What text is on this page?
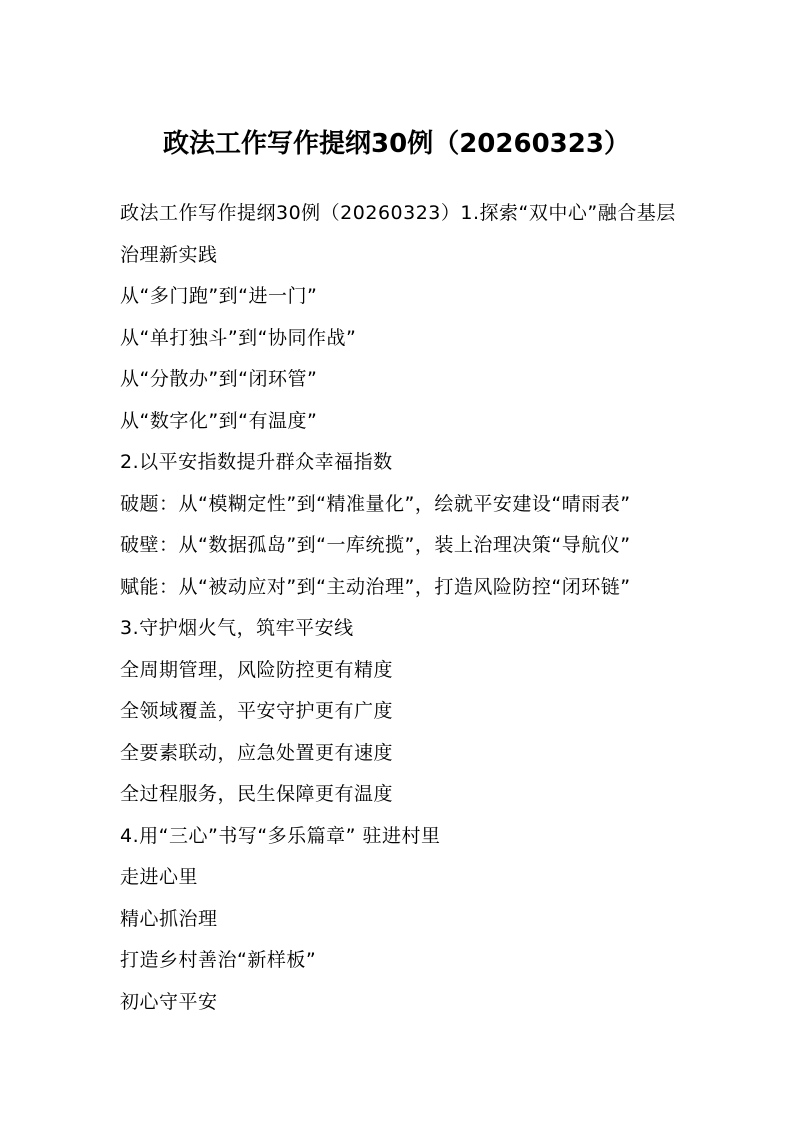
政法工作写作提纲30例（20260323）

政法工作写作提纲30例（20260323）1.探索“双中心”融合基层治理新实践

从“多门跑”到“进一门”

从“单打独斗”到“协同作战”

从“分散办”到“闭环管”

从“数字化”到“有温度”

2.以平安指数提升群众幸福指数

破题：从“模糊定性”到“精准量化”，绘就平安建设“晴雨表”

破壁：从“数据孤岛”到“一库统揽”，装上治理决策“导航仪”

赋能：从“被动应对”到“主动治理”，打造风险防控“闭环链”

3.守护烟火气，筑牢平安线

全周期管理，风险防控更有精度

全领域覆盖，平安守护更有广度

全要素联动，应急处置更有速度

全过程服务，民生保障更有温度

4.用“三心”书写“多乐篇章” 驻进村里

走进心里

精心抓治理

打造乡村善治“新样板”

初心守平安
